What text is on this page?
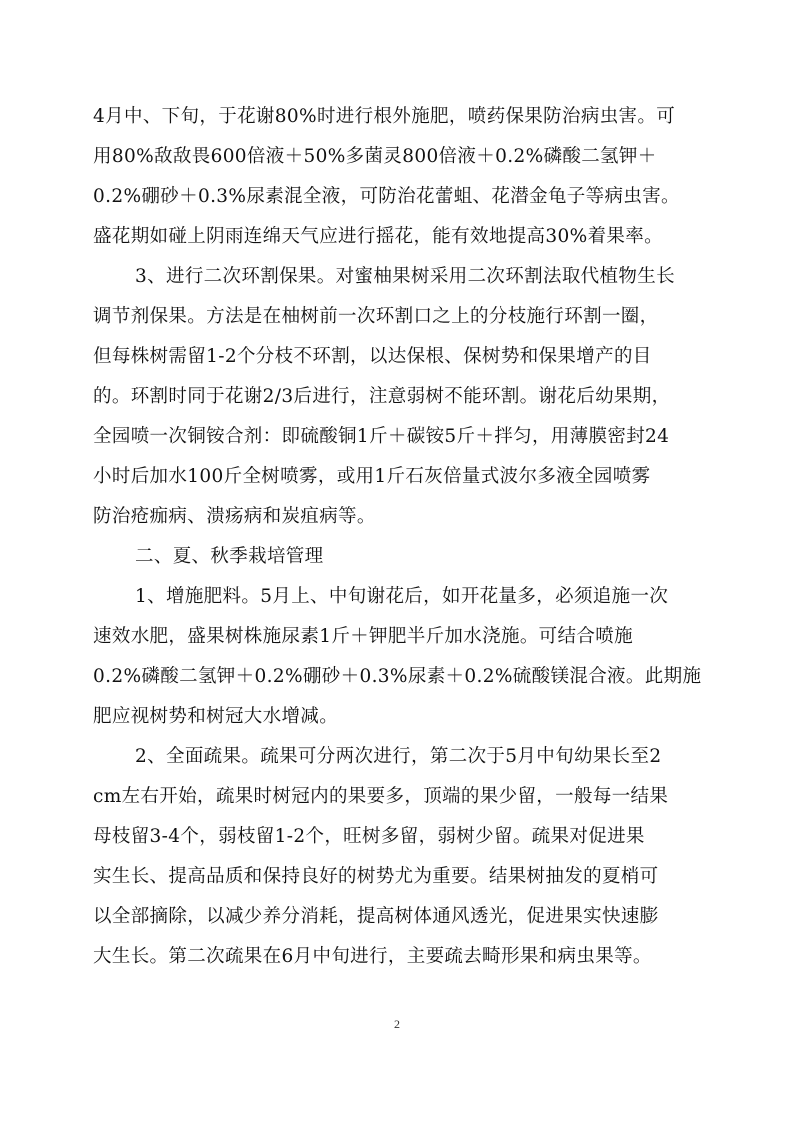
4月中、下旬，于花谢80%时进行根外施肥，喷药保果防治病虫害。可
用80%敌敌畏600倍液＋50%多菌灵800倍液＋0.2%磷酸二氢钾＋
0.2%硼砂＋0.3%尿素混全液，可防治花蕾蛆、花潜金龟子等病虫害。
盛花期如碰上阴雨连绵天气应进行摇花，能有效地提高30%着果率。
3、进行二次环割保果。对蜜柚果树采用二次环割法取代植物生长
调节剂保果。方法是在柚树前一次环割口之上的分枝施行环割一圈，
但每株树需留1-2个分枝不环割，以达保根、保树势和保果增产的目
的。环割时同于花谢2/3后进行，注意弱树不能环割。谢花后幼果期，
全园喷一次铜铵合剂：即硫酸铜1斤＋碳铵5斤＋拌匀，用薄膜密封24
小时后加水100斤全树喷雾，或用1斤石灰倍量式波尔多液全园喷雾
防治疮痂病、溃疡病和炭疽病等。
二、夏、秋季栽培管理
1、增施肥料。5月上、中旬谢花后，如开花量多，必须追施一次
速效水肥，盛果树株施尿素1斤＋钾肥半斤加水浇施。可结合喷施
0.2%磷酸二氢钾＋0.2%硼砂＋0.3%尿素＋0.2%硫酸镁混合液。此期施
肥应视树势和树冠大水增减。
2、全面疏果。疏果可分两次进行，第二次于5月中旬幼果长至2
cm左右开始，疏果时树冠内的果要多，顶端的果少留，一般每一结果
母枝留3-4个，弱枝留1-2个，旺树多留，弱树少留。疏果对促进果
实生长、提高品质和保持良好的树势尤为重要。结果树抽发的夏梢可
以全部摘除，以减少养分消耗，提高树体通风透光，促进果实快速膨
大生长。第二次疏果在6月中旬进行，主要疏去畸形果和病虫果等。
2
